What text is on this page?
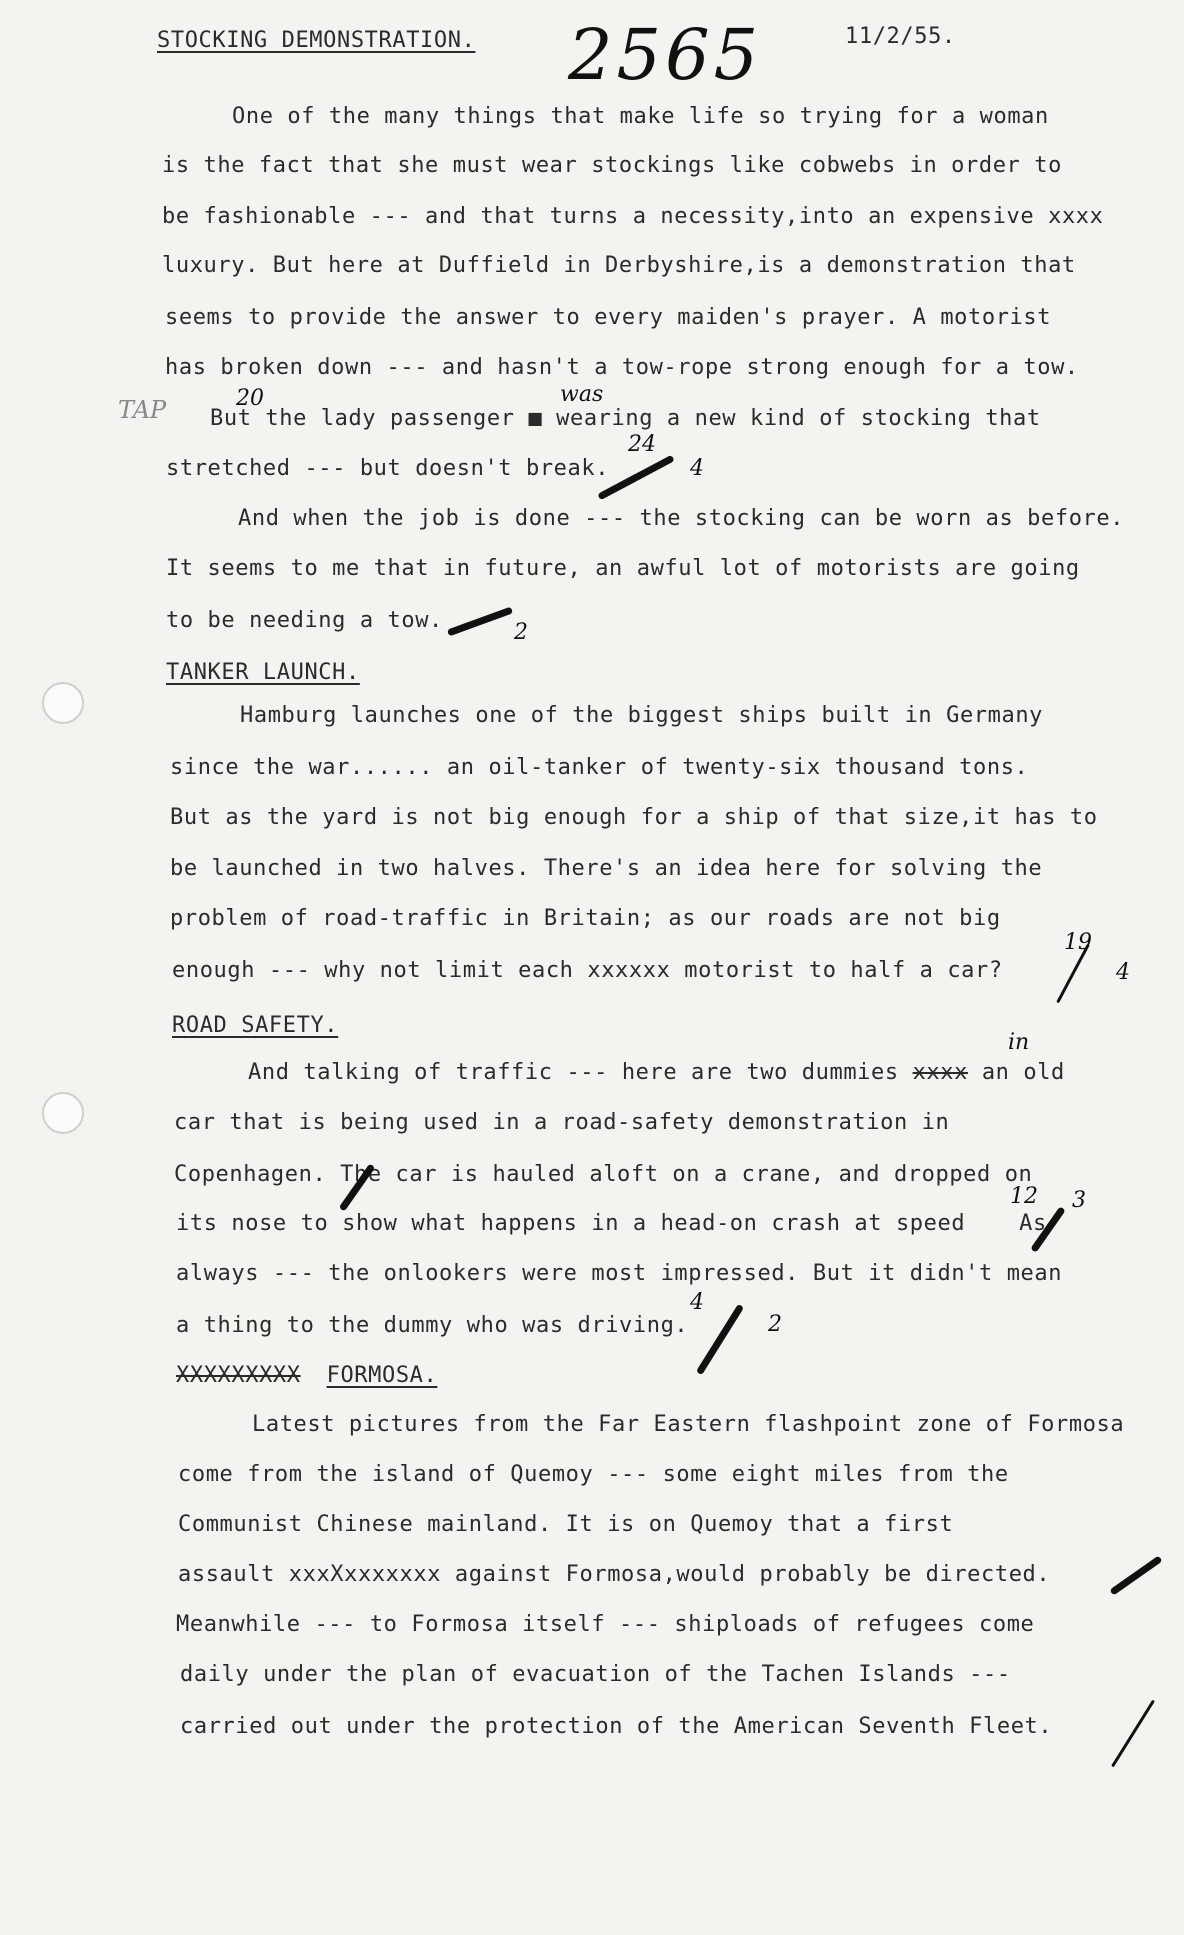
STOCKING DEMONSTRATION. 2565	11/2/55.
One of the many things that make life so trying for a woman
is the fact that she must wear stockings like cobwebs in order to
be fashionable --- and that turns a necessity,into an expensive xxxx
luxury. But here at Duffield in Derbyshire,is a demonstration that
seems to provide the answer to every maiden's prayer. A motorist
has broken down --- and hasn't a tow-rope strong enough for a tow.
TAP	20	was
But the lady passenger ■ wearing a new kind of stocking that
24
stretched --- but doesn't break.	4
And when the job is done --- the stocking can be worn as before.
It seems to me that in future, an awful lot of motorists are going
to be needing a tow.	2
TANKER LAUNCH.
Hamburg launches one of the biggest ships built in Germany
since the war...... an oil-tanker of twenty-six thousand tons.
But as the yard is not big enough for a ship of that size,it has to
be launched in two halves. There's an idea here for solving the
problem of road-traffic in Britain; as our roads are not big
19
enough --- why not limit each xxxxxx motorist to half a car?	4
ROAD SAFETY.
in
And talking of traffic --- here are two dummies xxxx an old
car that is being used in a road-safety demonstration in
Copenhagen. The car is hauled aloft on a crane, and dropped on
12 3
its nose to show what happens in a head-on crash at speed As
always --- the onlookers were most impressed. But it didn't mean
4
a thing to the dummy who was driving.	2
XXXXXXXXX FORMOSA.
Latest pictures from the Far Eastern flashpoint zone of Formosa
come from the island of Quemoy --- some eight miles from the
Communist Chinese mainland. It is on Quemoy that a first
assault xxxXxxxxxxx against Formosa,would probably be directed.
Meanwhile --- to Formosa itself --- shiploads of refugees come
daily under the plan of evacuation of the Tachen Islands ---
carried out under the protection of the American Seventh Fleet.
